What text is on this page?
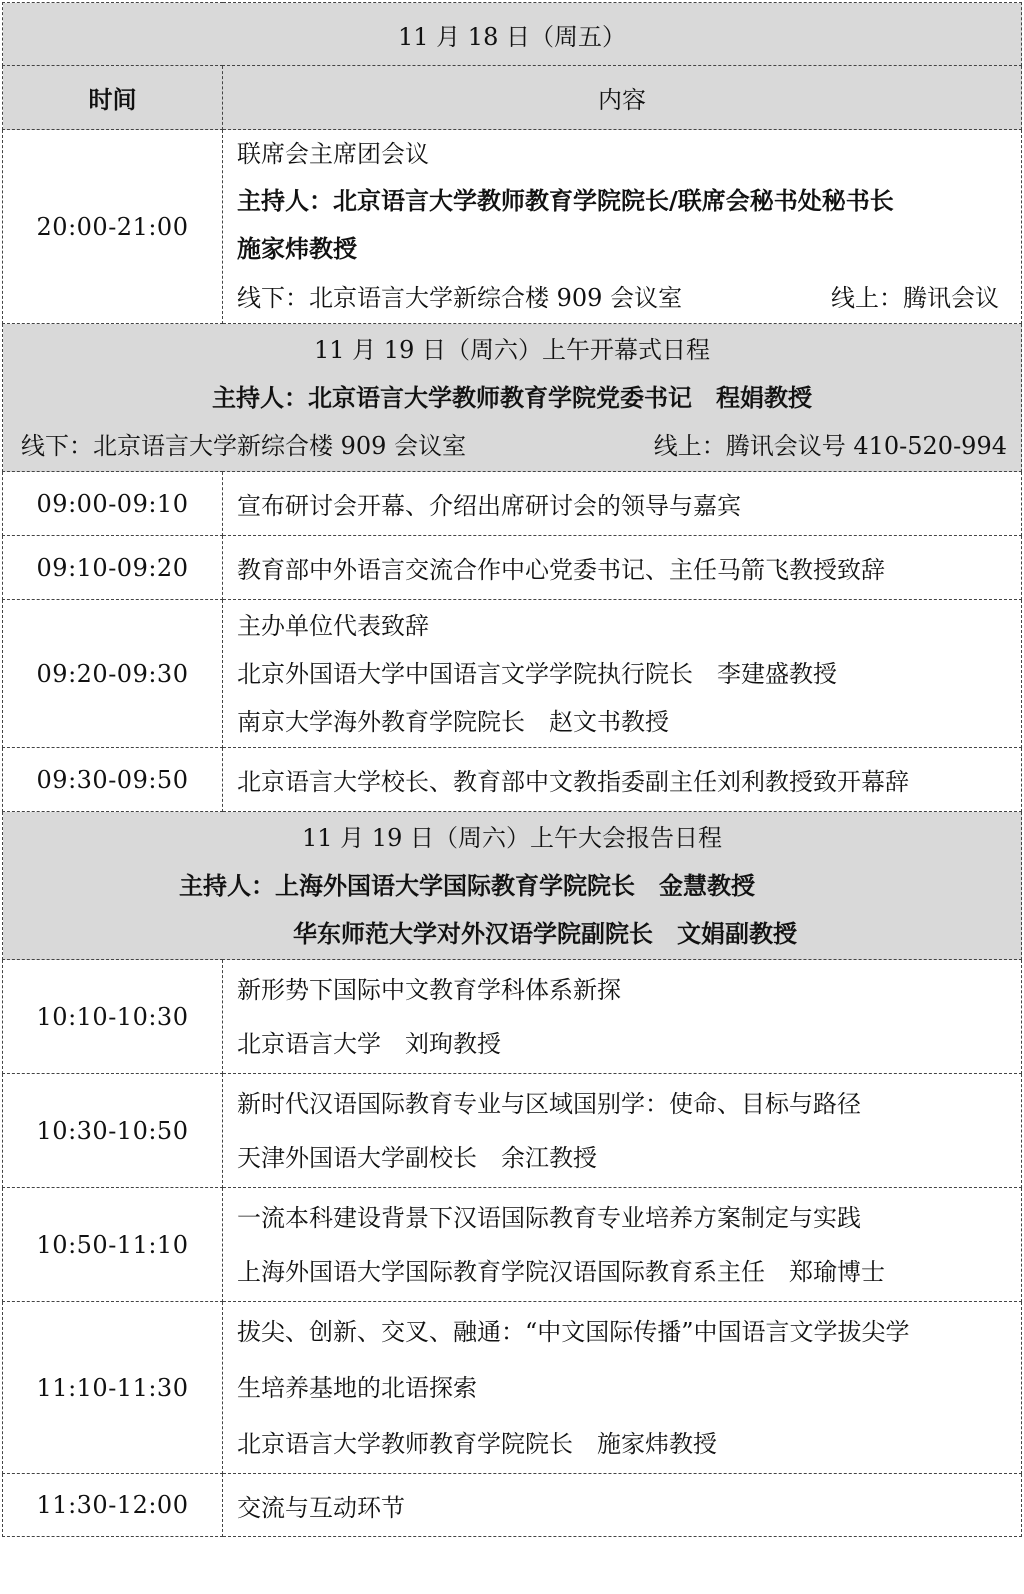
11 月 18 日（周五）	
时间	内容
20:00-21:00	联席会主席团会议
主持人：北京语言大学教师教育学院院长/联席会秘书处秘书长
施家炜教授
线下：北京语言大学新综合楼 909 会议室 线上：腾讯会议

11 月 19 日（周六）上午开幕式日程
主持人：北京语言大学教师教育学院党委书记　程娟教授
线下：北京语言大学新综合楼 909 会议室 线上：腾讯会议号 410-520-994	

09:00-09:10	宣布研讨会开幕、介绍出席研讨会的领导与嘉宾

09:10-09:20	教育部中外语言交流合作中心党委书记、主任马箭飞教授致辞

09:20-09:30	主办单位代表致辞
北京外国语大学中国语言文学学院执行院长　李建盛教授
南京大学海外教育学院院长　赵文书教授

09:30-09:50	北京语言大学校长、教育部中文教指委副主任刘利教授致开幕辞

11 月 19 日（周六）上午大会报告日程
主持人：上海外国语大学国际教育学院院长　金慧教授
华东师范大学对外汉语学院副院长　文娟副教授	

10:10-10:30	新形势下国际中文教育学科体系新探
北京语言大学　刘珣教授

10:30-10:50	新时代汉语国际教育专业与区域国别学：使命、目标与路径
天津外国语大学副校长　余江教授

10:50-11:10	一流本科建设背景下汉语国际教育专业培养方案制定与实践
上海外国语大学国际教育学院汉语国际教育系主任　郑瑜博士

11:10-11:30	拔尖、创新、交叉、融通：“中文国际传播”中国语言文学拔尖学
生培养基地的北语探索
北京语言大学教师教育学院院长　施家炜教授

11:30-12:00	交流与互动环节
